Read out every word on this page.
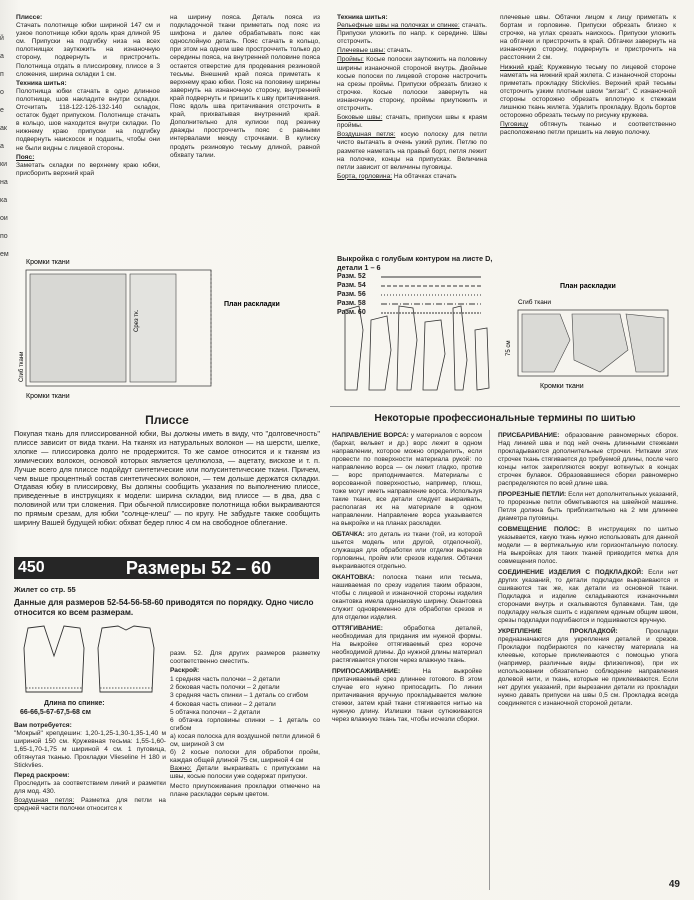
й
а
п
о
е
ак
а
ки
на
ка
ои
по
ем

Плиссе:
Стачать полотнище юбки шириной 147 см и узкое полотнище юбки вдоль края длиной 95 см. Припуски на подгибку низа на всех полотнищах заутюжить на изнаночную сторону, подвернуть и пристрочить. Полотнища отдать в плиссировку, плиссе в 3 сложения, ширина складки 1 см.

Техника шитья:
Полотнища юбки стачать в одно длинное полотнище, шов накладите внутри складки. Отсчитать 118-122-126-132-140 складок, остаток будет припуском. Полотнище стачать в кольцо, шов находится внутри складки. По нижнему краю припуски на подгибку подвернуть наискосок и подшить, чтобы они не были видны с лицевой стороны.

Пояс:
Заметать складки по верхнему краю юбки, присборить верхний край

на ширину пояса. Деталь пояса из подкладочной ткани приметать под пояс из шифона и далее обрабатывать пояс как однослойную деталь. Пояс стачать в кольцо, при этом на одном шве простроччить только до середины пояса, на внутренней половине пояса остается отверстие для продевания резиновой тесьмы. Внешний край пояса приметать к верхнему краю юбки. Пояс на половину ширины завернуть на изнаночную сторону, внутренний край подвернуть и пришить к шву притачивания. Пояс вдоль шва притачивания отстрочить в край, прихватывая внутренний край. Дополнительно для кулиски под резинку дважды простроччить пояс с равными интервалами между строчками. В кулиску продеть резиновую тесьму длиной, равной обхвату талии.

Кромки ткани
Сгиб ткани
Срез тк.
План раскладки
Кромки ткани
Плиссе

Покупая ткань для плиссированной юбки, Вы должны иметь в виду, что "долговечность" плиссе зависит от вида ткани. На тканях из натуральных волокон — на шерсти, шелке, хлопке — плиссировка долго не продержится. То же самое относится и к тканям из химических волокон, основой которых является целлюлоза, — ацетату, вискозе и т. п. Лучше всего для плиссе подойдут синтетические или полусинтетические ткани. Причем, чем выше процентный состав синтетических волокон, — тем дольше держатся складки. Отдавая юбку в плиссировку, Вы должны сообщить указания по выполнению плиссе, приведенные в инструкциях к модели: ширина складки, вид плиссе — в два, два с половиной или три сложения. При обычной плиссировке полотнища юбки выкраиваются по прямым срезам, для юбки "солнце-клеш" — по кругу. Не забудьте также сообщить ширину Вашей будущей юбки: обхват бедер плюс 4 см на свободное облегание.

450	Размеры 52 – 60
Жилет со стр. 55
Данные для размеров 52-54-56-58-60 приводятся по порядку. Одно число относится ко всем размерам.
Длина по спинке:
66-66,5-67-67,5-68 см

Вам потребуется:
"Мокрый" крепдешин: 1,20-1,25-1,30-1,35-1,40 м шириной 150 см. Кружевная тесьма: 1,55-1,60-1,65-1,70-1,75 м шириной 4 см. 1 пуговица, обтянутая тканью. Прокладки Vlieseline H 180 и Stickvlies.

Перед раскроем:
Проследить за соответствием линий и разметки для мод. 430.

Воздушная петля: Разметка для петли на средней части полочки относится к

разм. 52. Для других размеров разметку соответственно сместить.

Раскрой:

1 средняя часть полочки – 2 детали
2 боковая часть полочки – 2 детали
3 средняя часть спинки – 1 деталь со сгибом
4 боковая часть спинки – 2 детали
5 обтачка полочки – 2 детали
6 обтачка горловины спинки – 1 деталь со сгибом
а) косая полоска для воздушной петли длиной 6 см, шириной 3 см
б) 2 косые полоски для обработки пройм, каждая общей длиной 75 см, шириной 4 см

Важно: Детали выкраивать с припусками на швы, косые полоски уже содержат припуски.

Место приутюживания прокладки отмечено на плане раскладки серым цветом.

Техника шитья:

Рельефные швы на полочках и спинке: стачать. Припуски уложить по напр. к середине. Швы отстрочить.

Плечевые швы: стачать.

Проймы: Косые полоски заутюжить на половину ширины изнаночной стороной внутрь. Двойные косые полоски по лицевой стороне настрочить на срезы проймы. Припуски обрезать близко к строчке. Косые полоски завернуть на изнаночную сторону, проймы приутюжить и отстрочить.

Боковые швы: стачать, припуски швы к краям проймы.

Воздушная петля: косую полоску для петли чисто вытачать в очень узкий рулик. Петлю по разметке наметать на правый борт, петля лежит на полочке, концы на припусках. Величина петли зависит от величины пуговицы.

Борта, горловина: На обтачках стачать

плечевые швы. Обтачки лицом к лицу приметать к бортам и горловине. Припуски обрезать близко к строчке, на углах срезать наискось. Припуски уложить на обтачки и пристрочить в край. Обтачки завернуть на изнаночную сторону, подвернуть и пристрочить на расстоянии 2 см.

Нижний край: Кружевную тесьму по лицевой стороне наметать на нижний край жилета. С изнаночной стороны приметать прокладку Stickvlies. Верхний край тесьмы отстрочить узким плотным швом "зигзаг". С изнаночной стороны осторожно обрезать вплотную к стежкам лишнюю ткань жилета. Удалить прокладку. Вдоль бортов осторожно обрезать тесьму по рисунку кружева.

Пуговицу обтянуть тканью и соответственно расположению петли пришить на левую полочку.

Выкройка с голубым контуром на листе D, детали 1 – 6
Разм. 52
Разм. 54
Разм. 56
Разм. 58
Разм. 60
План раскладки
Сгиб ткани
75 см
Кромки ткани
Некоторые профессиональные термины по шитью

НАПРАВЛЕНИЕ ВОРСА: у материалов с ворсом (бархат, вельвет и др.) ворс лежит в одном направлении, которое можно определить, если провести по поверхности материала рукой: по направлению ворса — он лежит гладко, против — ворс приподнимается. Материалы с ворсованной поверхностью, например, плюш, тоже могут иметь направление ворса. Используя такие ткани, все детали следует выкраивать, располагая их на материале в одном направлении. Направление ворса указывается на выкройке и на планах раскладки.

ОБТАЧКА: это деталь из ткани (той, из которой шьется модель или другой, отделочной), служащая для обработки или отделки вырезов горловины, пройм или срезов изделия. Обтачки выкраиваются отдельно.

ОКАНТОВКА: полоска ткани или тесьма, нашиваемая по срезу изделия таким образом, чтобы с лицевой и изнаночной стороны изделия окантовка имела одинаковую ширину. Окантовка служит одновременно для обработки срезов и для отделки изделия.

ОТТЯГИВАНИЕ:	обработка деталей, необходимая для придания им нужной формы. На выкройке оттягиваемый срез короче необходимой длины. До нужной длины материал растягивается утюгом через влажную ткань.

ПРИПОСАЖИВАНИЕ:	На выкройке притачиваемый срез длиннее готового. В этом случае его нужно припосадить. По линии притачивания вручную прокладывается мелкие стежки, затем край ткани стягивается нитью на нужную длину. Излишки ткани сутюживаются через влажную ткань так, чтобы исчезли сборки.

ПРИСБАРИВАНИЕ: образование равномерных сборок. Над линией шва и под ней очень длинными стежками прокладываются дополнительные строчки. Нитками этих строчек ткань стягивается до требуемой длины, после чего концы ниток закрепляются вокруг воткнутых в концах строчек булавок. Образовавшиеся сборки равномерно распределяются по всей длине шва.

ПРОРЕЗНЫЕ ПЕТЛИ: Если нет дополнительных указаний, то прорезные петли обметываются на швейной машине. Петля должна быть приблизительно на 2 мм длиннее диаметра пуговицы.

СОВМЕЩЕНИЕ ПОЛОС: В инструкциях по шитью указывается, какую ткань нужно использовать для данной модели — в вертикальную или горизонтальную полоску. На выкройках для таких тканей приводится метка для совмещения полос.

СОЕДИНЕНИЕ ИЗДЕЛИЯ С ПОДКЛАДКОЙ: Если нет других указаний, то детали подкладки выкраиваются и сшиваются так же, как детали из основной ткани. Подкладка и изделие складываются изнаночными сторонами внутрь и скалываются булавками. Там, где подкладку нельзя сшить с изделием единым общим швом, срезы подкладки подгибаются и подшиваются вручную.

УКРЕПЛЕНИЕ ПРОКЛАДКОЙ:	Прокладки предназначаются для укрепления деталей и срезов. Прокладки подбираются по качеству материала на клеевые, которые приклеиваются с помощью утюга (например, различные виды флизелинов), при их использовании обязательно соблюдение направления долевой нити, и ткань, которые не приклеиваются. Если нет других указаний, при вырезании детали из прокладки нужно давать припуски на швы 0,5 см. Прокладка всегда соединяется с изнаночной стороной детали.

49
